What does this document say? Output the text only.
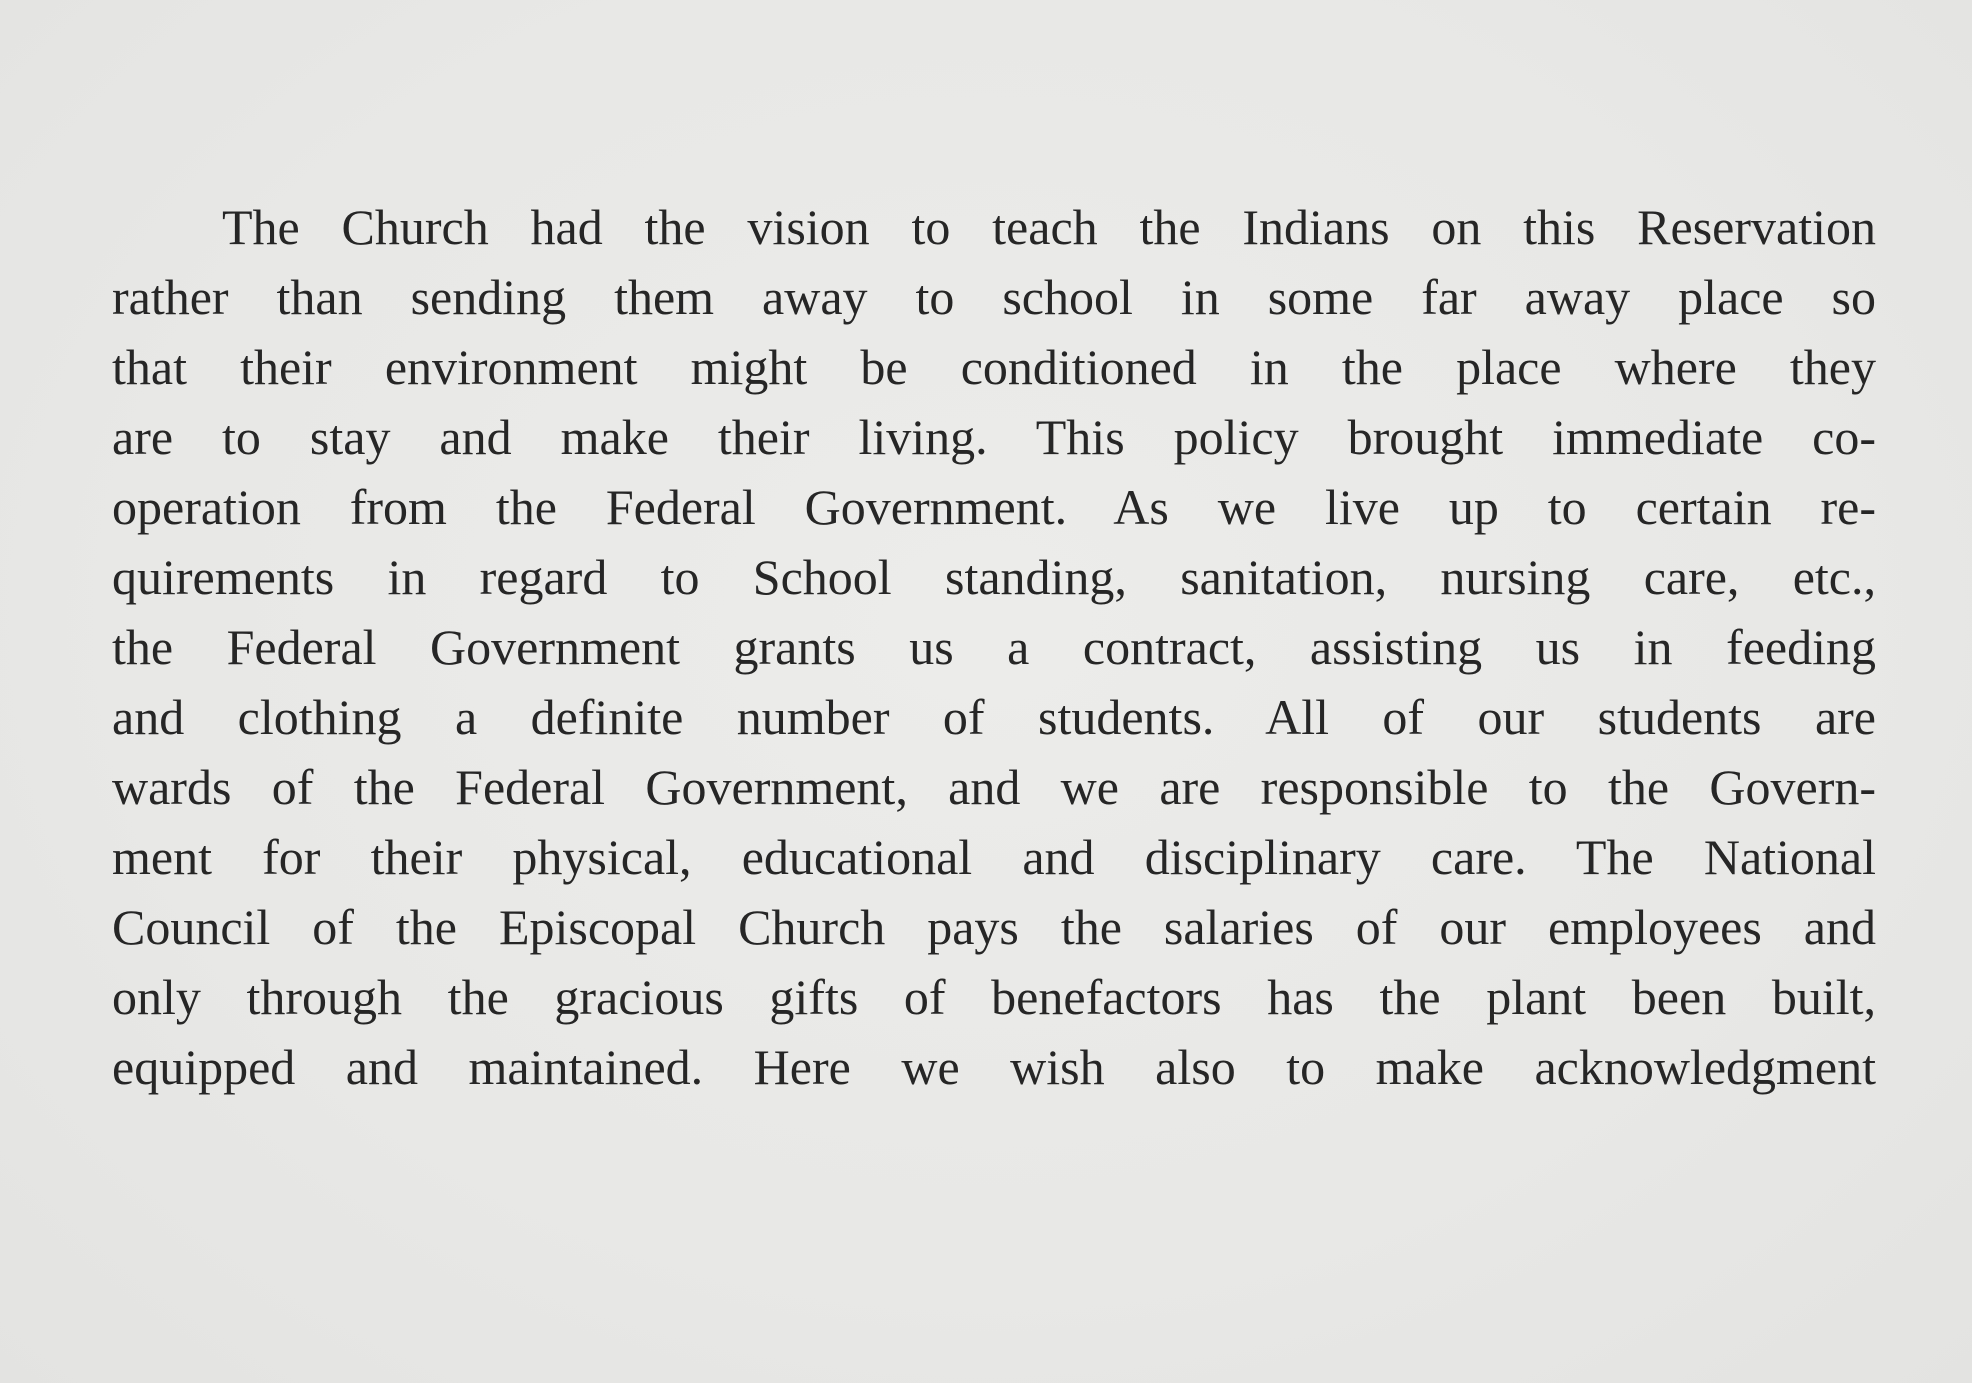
The Church had the vision to teach the Indians on this Reservation
rather than sending them away to school in some far away place so
that their environment might be conditioned in the place where they
are to stay and make their living. This policy brought immediate co-
operation from the Federal Government. As we live up to certain re-
quirements in regard to School standing, sanitation, nursing care, etc.,
the Federal Government grants us a contract, assisting us in feeding
and clothing a definite number of students. All of our students are
wards of the Federal Government, and we are responsible to the Govern-
ment for their physical, educational and disciplinary care. The National
Council of the Episcopal Church pays the salaries of our employees and
only through the gracious gifts of benefactors has the plant been built,
equipped and maintained. Here we wish also to make acknowledgment
